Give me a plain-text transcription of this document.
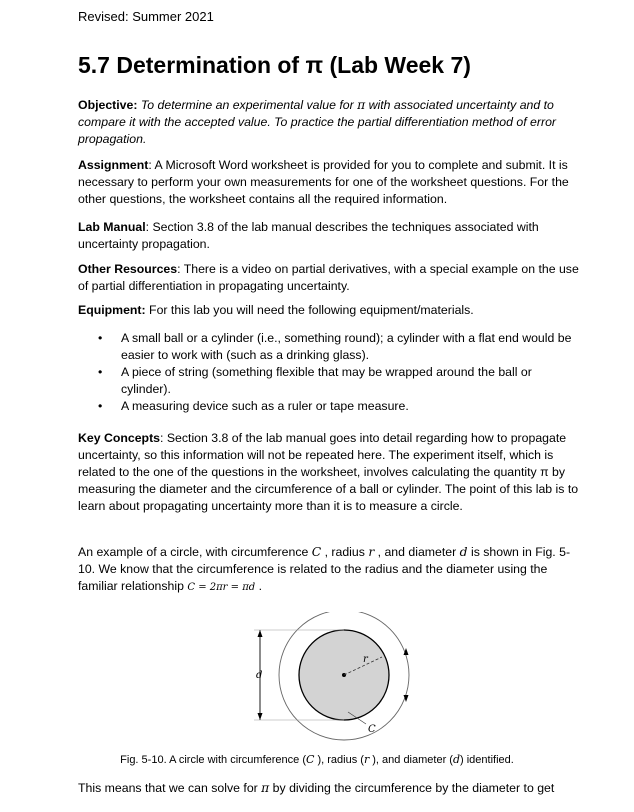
Revised: Summer 2021
5.7 Determination of π (Lab Week 7)

Objective: To determine an experimental value for π with associated uncertainty and to compare it with the accepted value. To practice the partial differentiation method of error propagation.

Assignment: A Microsoft Word worksheet is provided for you to complete and submit. It is necessary to perform your own measurements for one of the worksheet questions. For the other questions, the worksheet contains all the required information.

Lab Manual: Section 3.8 of the lab manual describes the techniques associated with uncertainty propagation.

Other Resources: There is a video on partial derivatives, with a special example on the use of partial differentiation in propagating uncertainty.

Equipment: For this lab you will need the following equipment/materials.

• A small ball or a cylinder (i.e., something round); a cylinder with a flat end would be easier to work with (such as a drinking glass).
• A piece of string (something flexible that may be wrapped around the ball or cylinder).
• A measuring device such as a ruler or tape measure.

Key Concepts: Section 3.8 of the lab manual goes into detail regarding how to propagate uncertainty, so this information will not be repeated here. The experiment itself, which is related to the one of the questions in the worksheet, involves calculating the quantity π by measuring the diameter and the circumference of a ball or cylinder. The point of this lab is to learn about propagating uncertainty more than it is to measure a circle.

An example of a circle, with circumference C , radius r , and diameter d is shown in Fig. 5-10. We know that the circumference is related to the radius and the diameter using the familiar relationship C = 2πr = πd .

d
r
C
Fig. 5-10. A circle with circumference (C ), radius (r ), and diameter (d) identified.

This means that we can solve for π by dividing the circumference by the diameter to get
